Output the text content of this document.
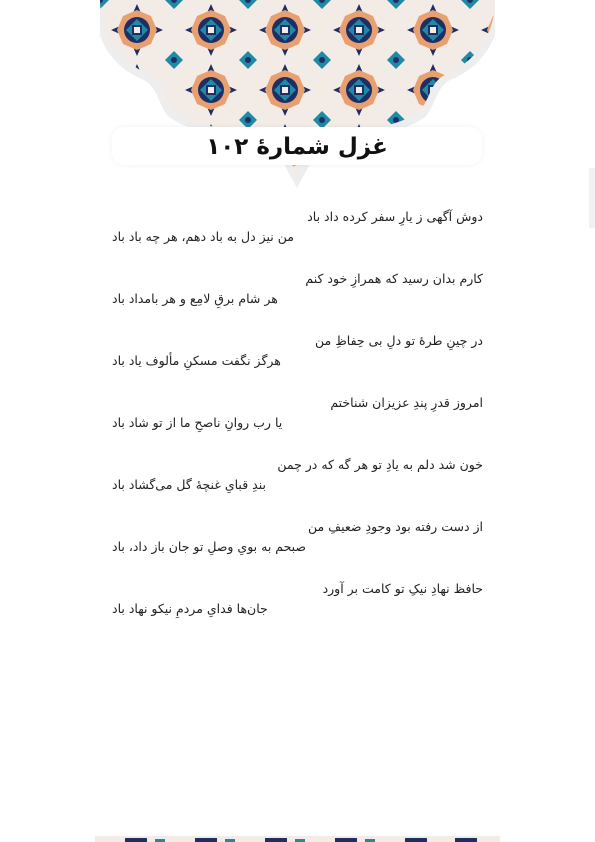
غزل شمارهٔ ۱۰۲
دوش آگهی ز یارِ سفر کرده داد باد
من نیز دل به باد دهم، هر چه باد باد
کارم بدان رسید که همرازِ خود کنم
هر شام برقِ لامِع و هر بامداد باد
در چینِ طرهٔ تو دلِ بی حِفاظِ من
هرگز نگفت مسکنِ مألوف یاد باد
امروز قدرِ پندِ عزیزان شناختم
یا رب روانِ ناصحِ ما از تو شاد باد
خون شد دلم به یادِ تو هر گه که در چمن
بندِ قبایِ غنچهٔ گل می‌گشاد باد
از دست رفته بود وجودِ ضعیفِ من
صبحم به بویِ وصلِ تو جان باز داد، باد
حافظ نهادِ نیکِ تو کامت بر آورد
جان‌ها فدایِ مردمِ نیکو نهاد باد
